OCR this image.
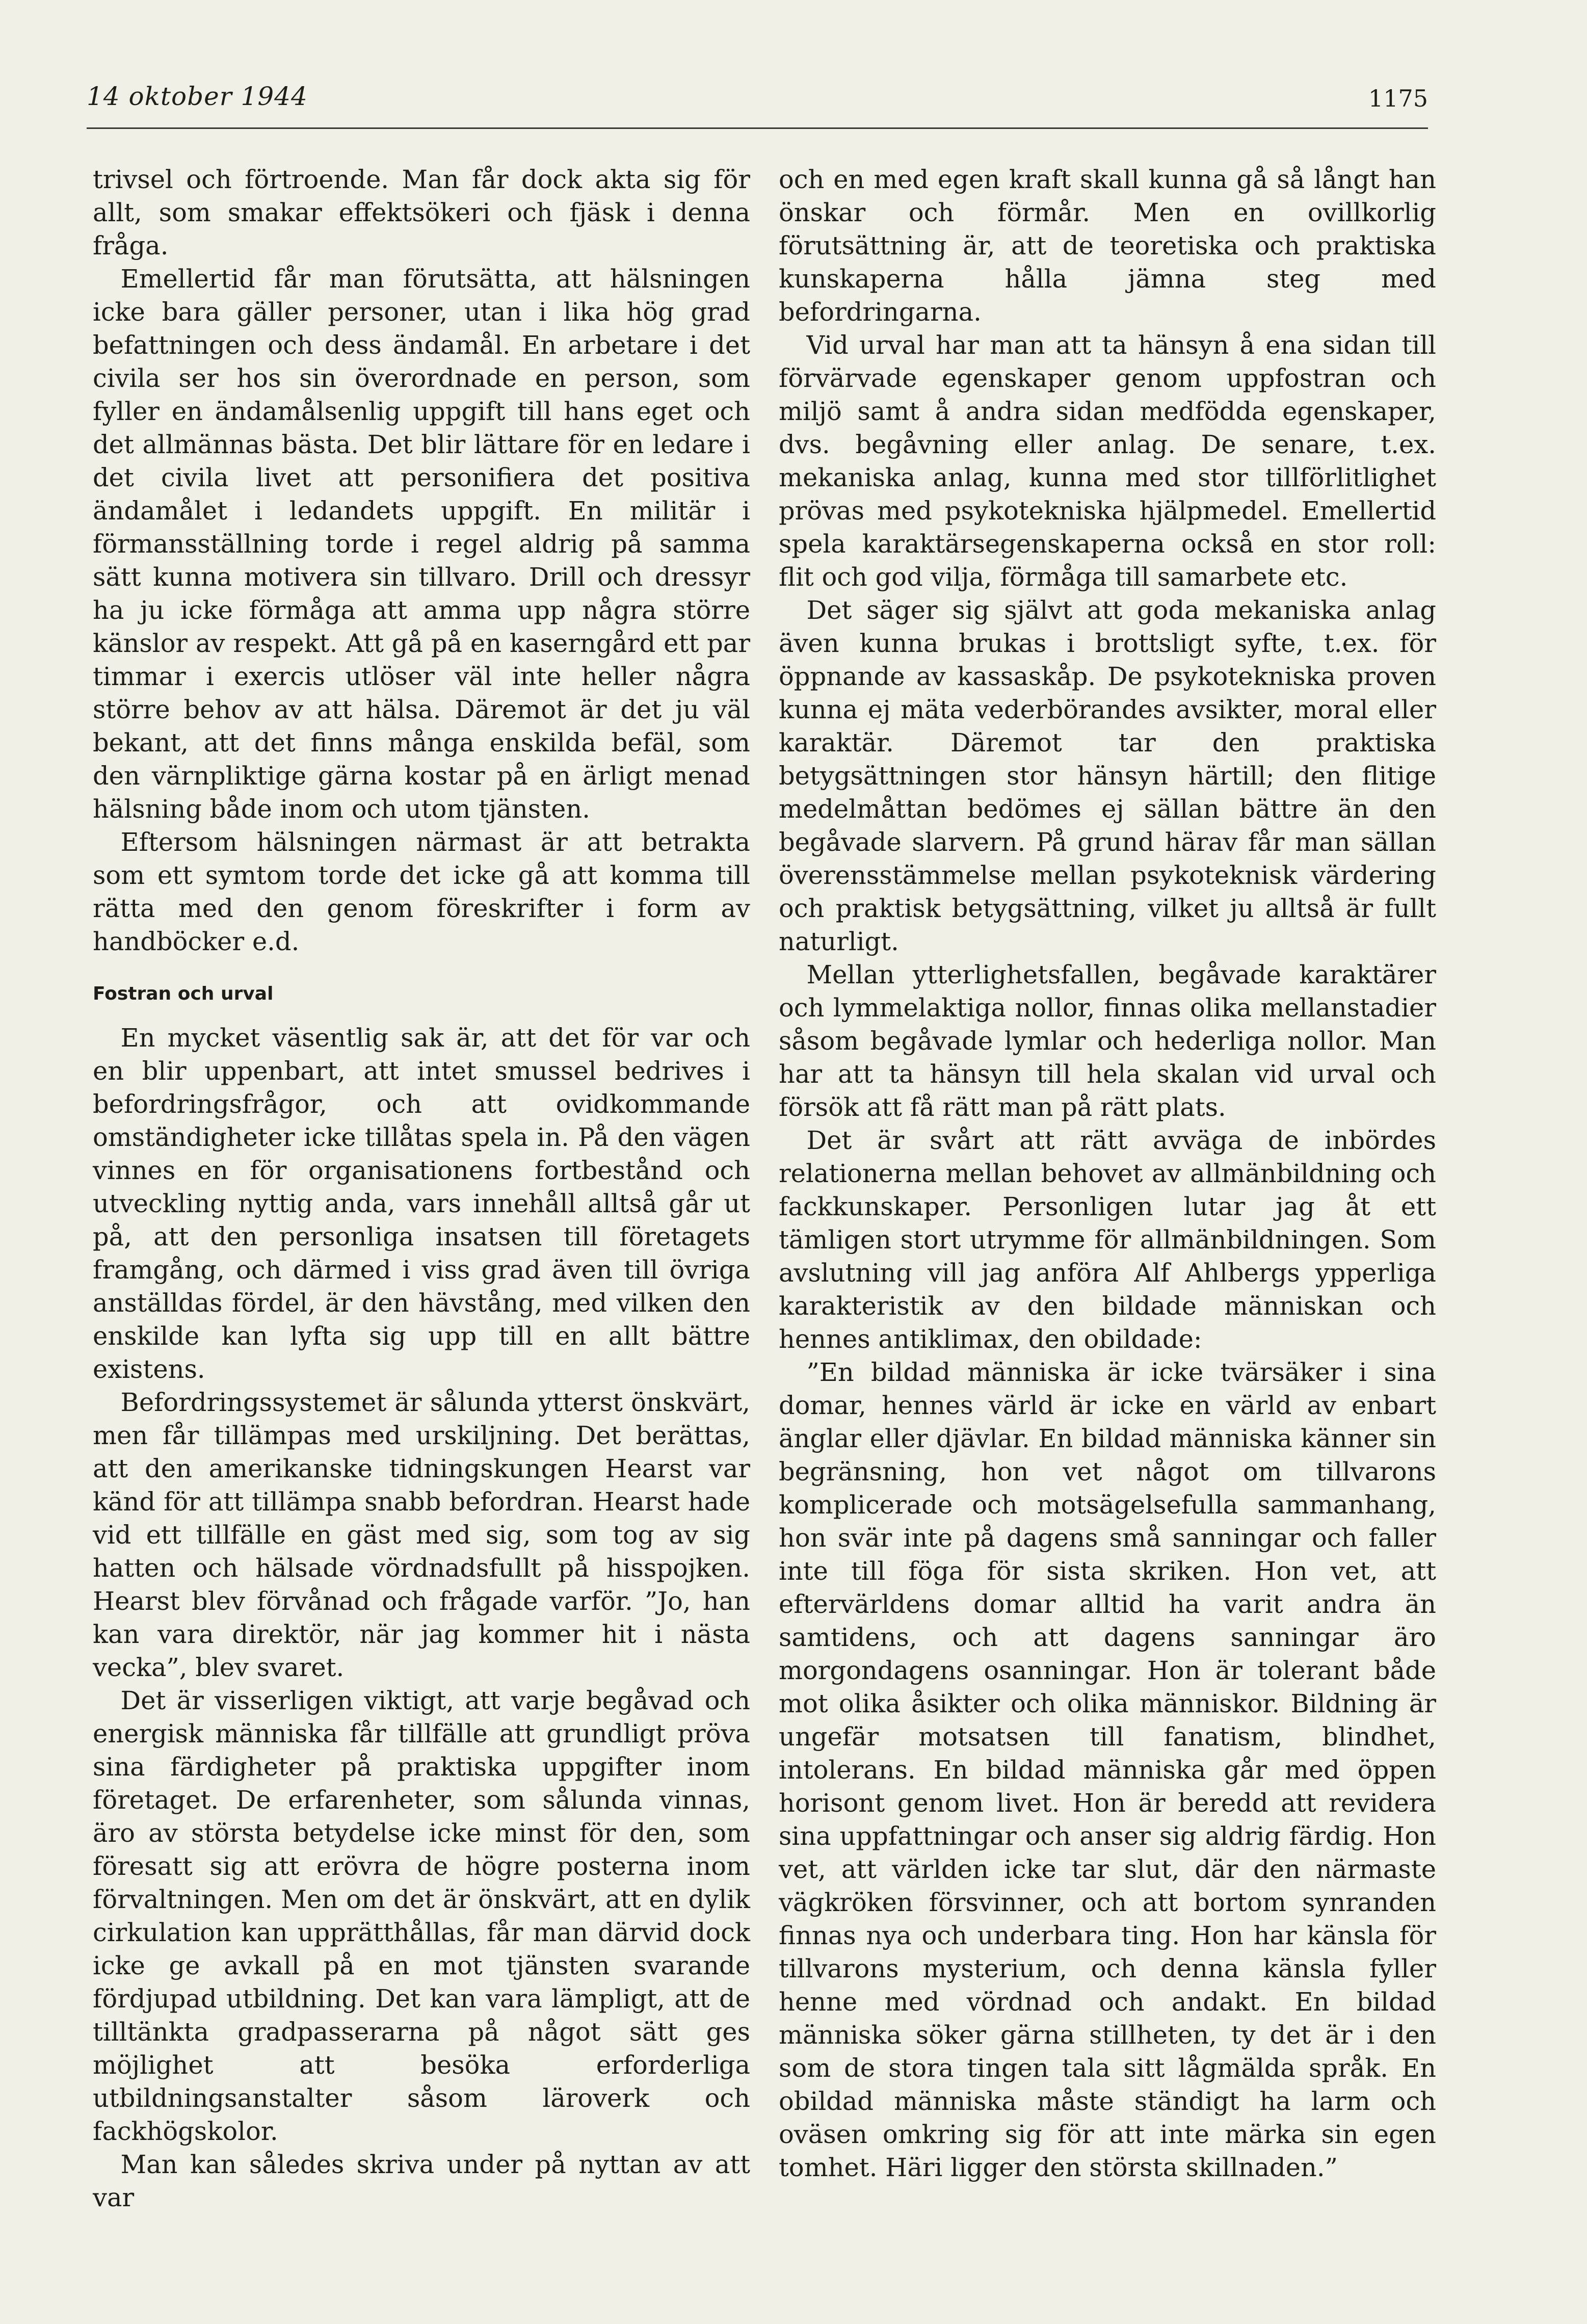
14 oktober 1944	1175

trivsel och förtroende. Man får dock akta sig för allt, som smakar effektsökeri och fjäsk i denna fråga.

Emellertid får man förutsätta, att hälsningen icke bara gäller personer, utan i lika hög grad befattningen och dess ändamål. En arbetare i det civila ser hos sin överordnade en person, som fyller en ändamålsenlig uppgift till hans eget och det allmännas bästa. Det blir lättare för en ledare i det civila livet att personifiera det positiva ändamålet i ledandets uppgift. En militär i förmansställning torde i regel aldrig på samma sätt kunna motivera sin tillvaro. Drill och dressyr ha ju icke förmåga att amma upp några större känslor av respekt. Att gå på en kaserngård ett par timmar i exercis utlöser väl inte heller några större behov av att hälsa. Däremot är det ju väl bekant, att det finns många enskilda befäl, som den värnpliktige gärna kostar på en ärligt menad hälsning både inom och utom tjänsten.

Eftersom hälsningen närmast är att betrakta som ett symtom torde det icke gå att komma till rätta med den genom föreskrifter i form av handböcker e.d.

Fostran och urval

En mycket väsentlig sak är, att det för var och en blir uppenbart, att intet smussel bedrives i befordringsfrågor, och att ovidkommande omständigheter icke tillåtas spela in. På den vägen vinnes en för organisationens fortbestånd och utveckling nyttig anda, vars innehåll alltså går ut på, att den personliga insatsen till företagets framgång, och därmed i viss grad även till övriga anställdas fördel, är den hävstång, med vilken den enskilde kan lyfta sig upp till en allt bättre existens.

Befordringssystemet är sålunda ytterst önskvärt, men får tillämpas med urskiljning. Det berättas, att den amerikanske tidningskungen Hearst var känd för att tillämpa snabb befordran. Hearst hade vid ett tillfälle en gäst med sig, som tog av sig hatten och hälsade vördnadsfullt på hisspojken. Hearst blev förvånad och frågade varför. ”Jo, han kan vara direktör, när jag kommer hit i nästa vecka”, blev svaret.

Det är visserligen viktigt, att varje begåvad och energisk människa får tillfälle att grundligt pröva sina färdigheter på praktiska uppgifter inom företaget. De erfarenheter, som sålunda vinnas, äro av största betydelse icke minst för den, som föresatt sig att erövra de högre posterna inom förvaltningen. Men om det är önskvärt, att en dylik cirkulation kan upprätthållas, får man därvid dock icke ge avkall på en mot tjänsten svarande fördjupad utbildning. Det kan vara lämpligt, att de tilltänkta gradpasserarna på något sätt ges möjlighet att besöka erforderliga utbildningsanstalter såsom läroverk och fackhögskolor.

Man kan således skriva under på nyttan av att var

och en med egen kraft skall kunna gå så långt han önskar och förmår. Men en ovillkorlig förutsättning är, att de teoretiska och praktiska kunskaperna hålla jämna steg med befordringarna.

Vid urval har man att ta hänsyn å ena sidan till förvärvade egenskaper genom uppfostran och miljö samt å andra sidan medfödda egenskaper, dvs. begåvning eller anlag. De senare, t.ex. mekaniska anlag, kunna med stor tillförlitlighet prövas med psykotekniska hjälpmedel. Emellertid spela karaktärsegenskaperna också en stor roll: flit och god vilja, förmåga till samarbete etc.

Det säger sig självt att goda mekaniska anlag även kunna brukas i brottsligt syfte, t.ex. för öppnande av kassaskåp. De psykotekniska proven kunna ej mäta vederbörandes avsikter, moral eller karaktär. Däremot tar den praktiska betygsättningen stor hänsyn härtill; den flitige medelmåttan bedömes ej sällan bättre än den begåvade slarvern. På grund härav får man sällan överensstämmelse mellan psykoteknisk värdering och praktisk betygsättning, vilket ju alltså är fullt naturligt.

Mellan ytterlighetsfallen, begåvade karaktärer och lymmelaktiga nollor, finnas olika mellanstadier såsom begåvade lymlar och hederliga nollor. Man har att ta hänsyn till hela skalan vid urval och försök att få rätt man på rätt plats.

Det är svårt att rätt avväga de inbördes relationerna mellan behovet av allmänbildning och fackkunskaper. Personligen lutar jag åt ett tämligen stort utrymme för allmänbildningen. Som avslutning vill jag anföra Alf Ahlbergs ypperliga karakteristik av den bildade människan och hennes antiklimax, den obildade:

”En bildad människa är icke tvärsäker i sina domar, hennes värld är icke en värld av enbart änglar eller djävlar. En bildad människa känner sin begränsning, hon vet något om tillvarons komplicerade och motsägelsefulla sammanhang, hon svär inte på dagens små sanningar och faller inte till föga för sista skriken. Hon vet, att eftervärldens domar alltid ha varit andra än samtidens, och att dagens sanningar äro morgondagens osanningar. Hon är tolerant både mot olika åsikter och olika människor. Bildning är ungefär motsatsen till fanatism, blindhet, intolerans. En bildad människa går med öppen horisont genom livet. Hon är beredd att revidera sina uppfattningar och anser sig aldrig färdig. Hon vet, att världen icke tar slut, där den närmaste vägkröken försvinner, och att bortom synranden finnas nya och underbara ting. Hon har känsla för tillvarons mysterium, och denna känsla fyller henne med vördnad och andakt. En bildad människa söker gärna stillheten, ty det är i den som de stora tingen tala sitt lågmälda språk. En obildad människa måste ständigt ha larm och oväsen omkring sig för att inte märka sin egen tomhet. Häri ligger den största skillnaden.”
